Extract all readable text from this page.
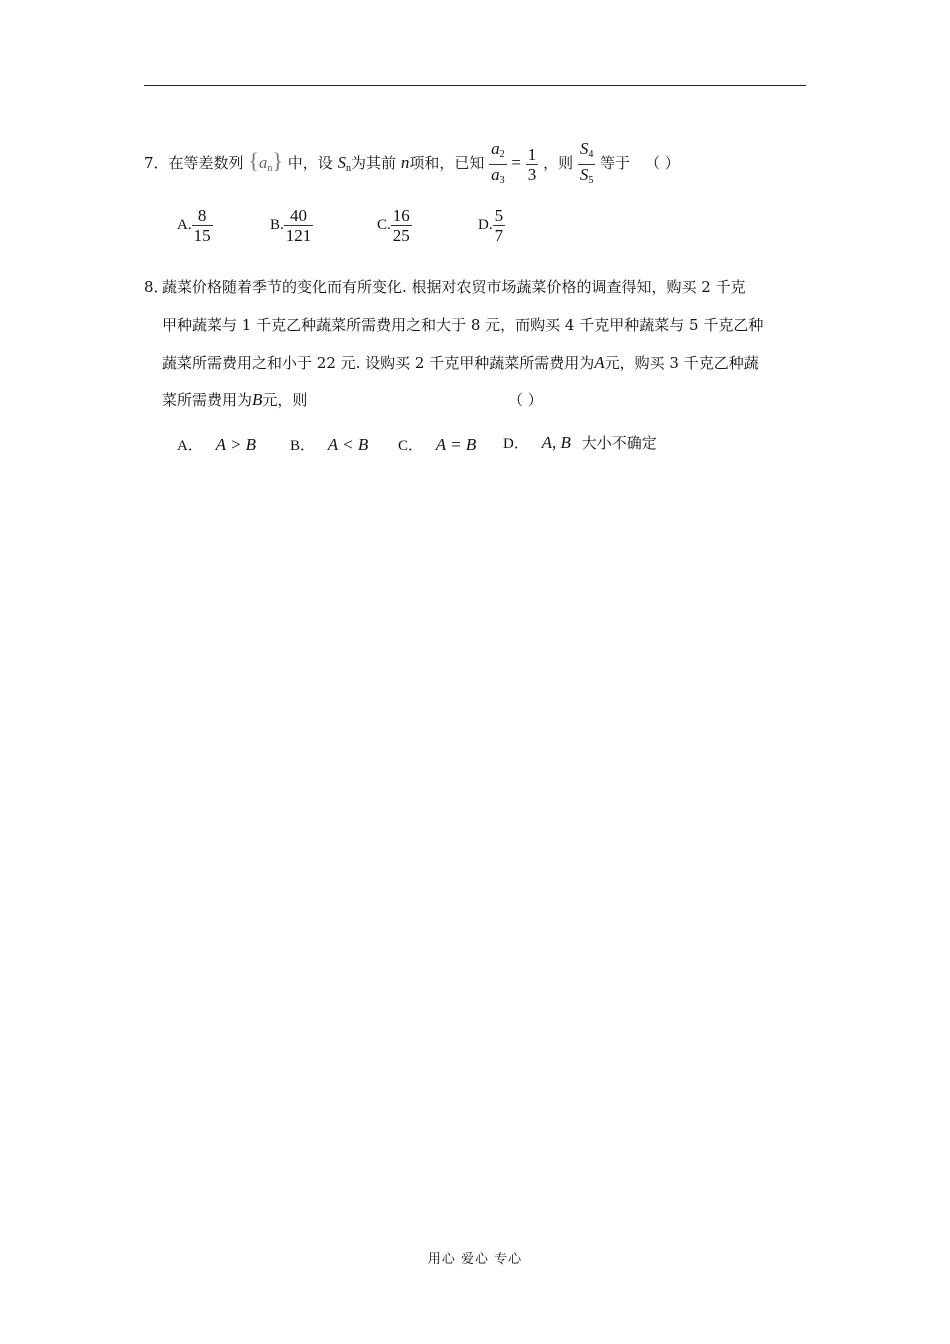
7．在等差数列 $\{a_n\}$ 中，设 $S_n$为其前 n项和，已知 $\frac{a_2}{a_3} = \frac{1}{3}$ ，则 $\frac{S_4}{S_5}$ 等于 （ ）
A. $\frac{8}{15}$	B. $\frac{40}{121}$	C. $\frac{16}{25}$	D. $\frac{5}{7}$
8．
蔬菜价格随着季节的变化而有所变化. 根据对农贸市场蔬菜价格的调查得知，购买 2 千克
甲种蔬菜与 1 千克乙种蔬菜所需费用之和大于 8 元，而购买 4 千克甲种蔬菜与 5 千克乙种
蔬菜所需费用之和小于 22 元. 设购买 2 千克甲种蔬菜所需费用为A元，购买 3 千克乙种蔬
菜所需费用为B元，则	（ ）
A． A > B B． A < B C． A = B D． A, B 大小不确定
用心 爱心 专心
